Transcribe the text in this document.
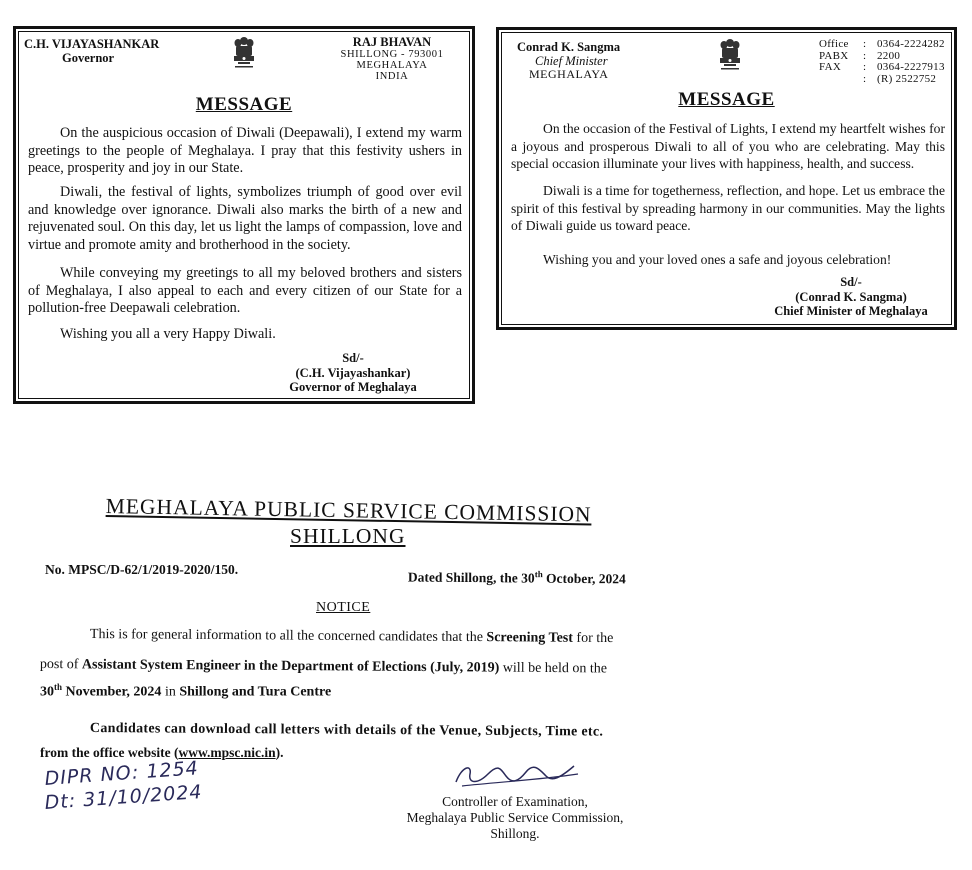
C.H. VIJAYASHANKAR
Governor
RAJ BHAVAN
SHILLONG - 793001
MEGHALAYA
INDIA
MESSAGE

On the auspicious occasion of Diwali (Deepawali), I extend my warm greetings to the people of Meghalaya. I pray that this festivity ushers in peace, prosperity and joy in our State.

Diwali, the festival of lights, symbolizes triumph of good over evil and knowledge over ignorance. Diwali also marks the birth of a new and rejuvenated soul. On this day, let us light the lamps of compassion, love and virtue and promote amity and brotherhood in the society.

While conveying my greetings to all my beloved brothers and sisters of Meghalaya, I also appeal to each and every citizen of our State for a pollution-free Deepawali celebration.

Wishing you all a very Happy Diwali.

Sd/-
(C.H. Vijayashankar)
Governor of Meghalaya
Conrad K. Sangma
Chief Minister
MEGHALAYA
Office : 0364-2224282
PABX : 2200
FAX : 0364-2227913
: (R) 2522752
MESSAGE

On the occasion of the Festival of Lights, I extend my heartfelt wishes for a joyous and prosperous Diwali to all of you who are celebrating. May this special occasion illuminate your lives with happiness, health, and success.

Diwali is a time for togetherness, reflection, and hope. Let us embrace the spirit of this festival by spreading harmony in our communities. May the lights of Diwali guide us toward peace.

Wishing you and your loved ones a safe and joyous celebration!

Sd/-
(Conrad K. Sangma)
Chief Minister of Meghalaya
MEGHALAYA PUBLIC SERVICE COMMISSION
SHILLONG
No. MPSC/D-62/1/2019-2020/150.	Dated Shillong, the 30th October, 2024
NOTICE
This is for general information to all the concerned candidates that the Screening Test for the
post of Assistant System Engineer in the Department of Elections (July, 2019) will be held on the
30th November, 2024 in Shillong and Tura Centre
Candidates can download call letters with details of the Venue, Subjects, Time etc.
from the office website (www.mpsc.nic.in).
DIPR NO: 1254
Dt: 31/10/2024	Controller of Examination,
Meghalaya Public Service Commission,
Shillong.
